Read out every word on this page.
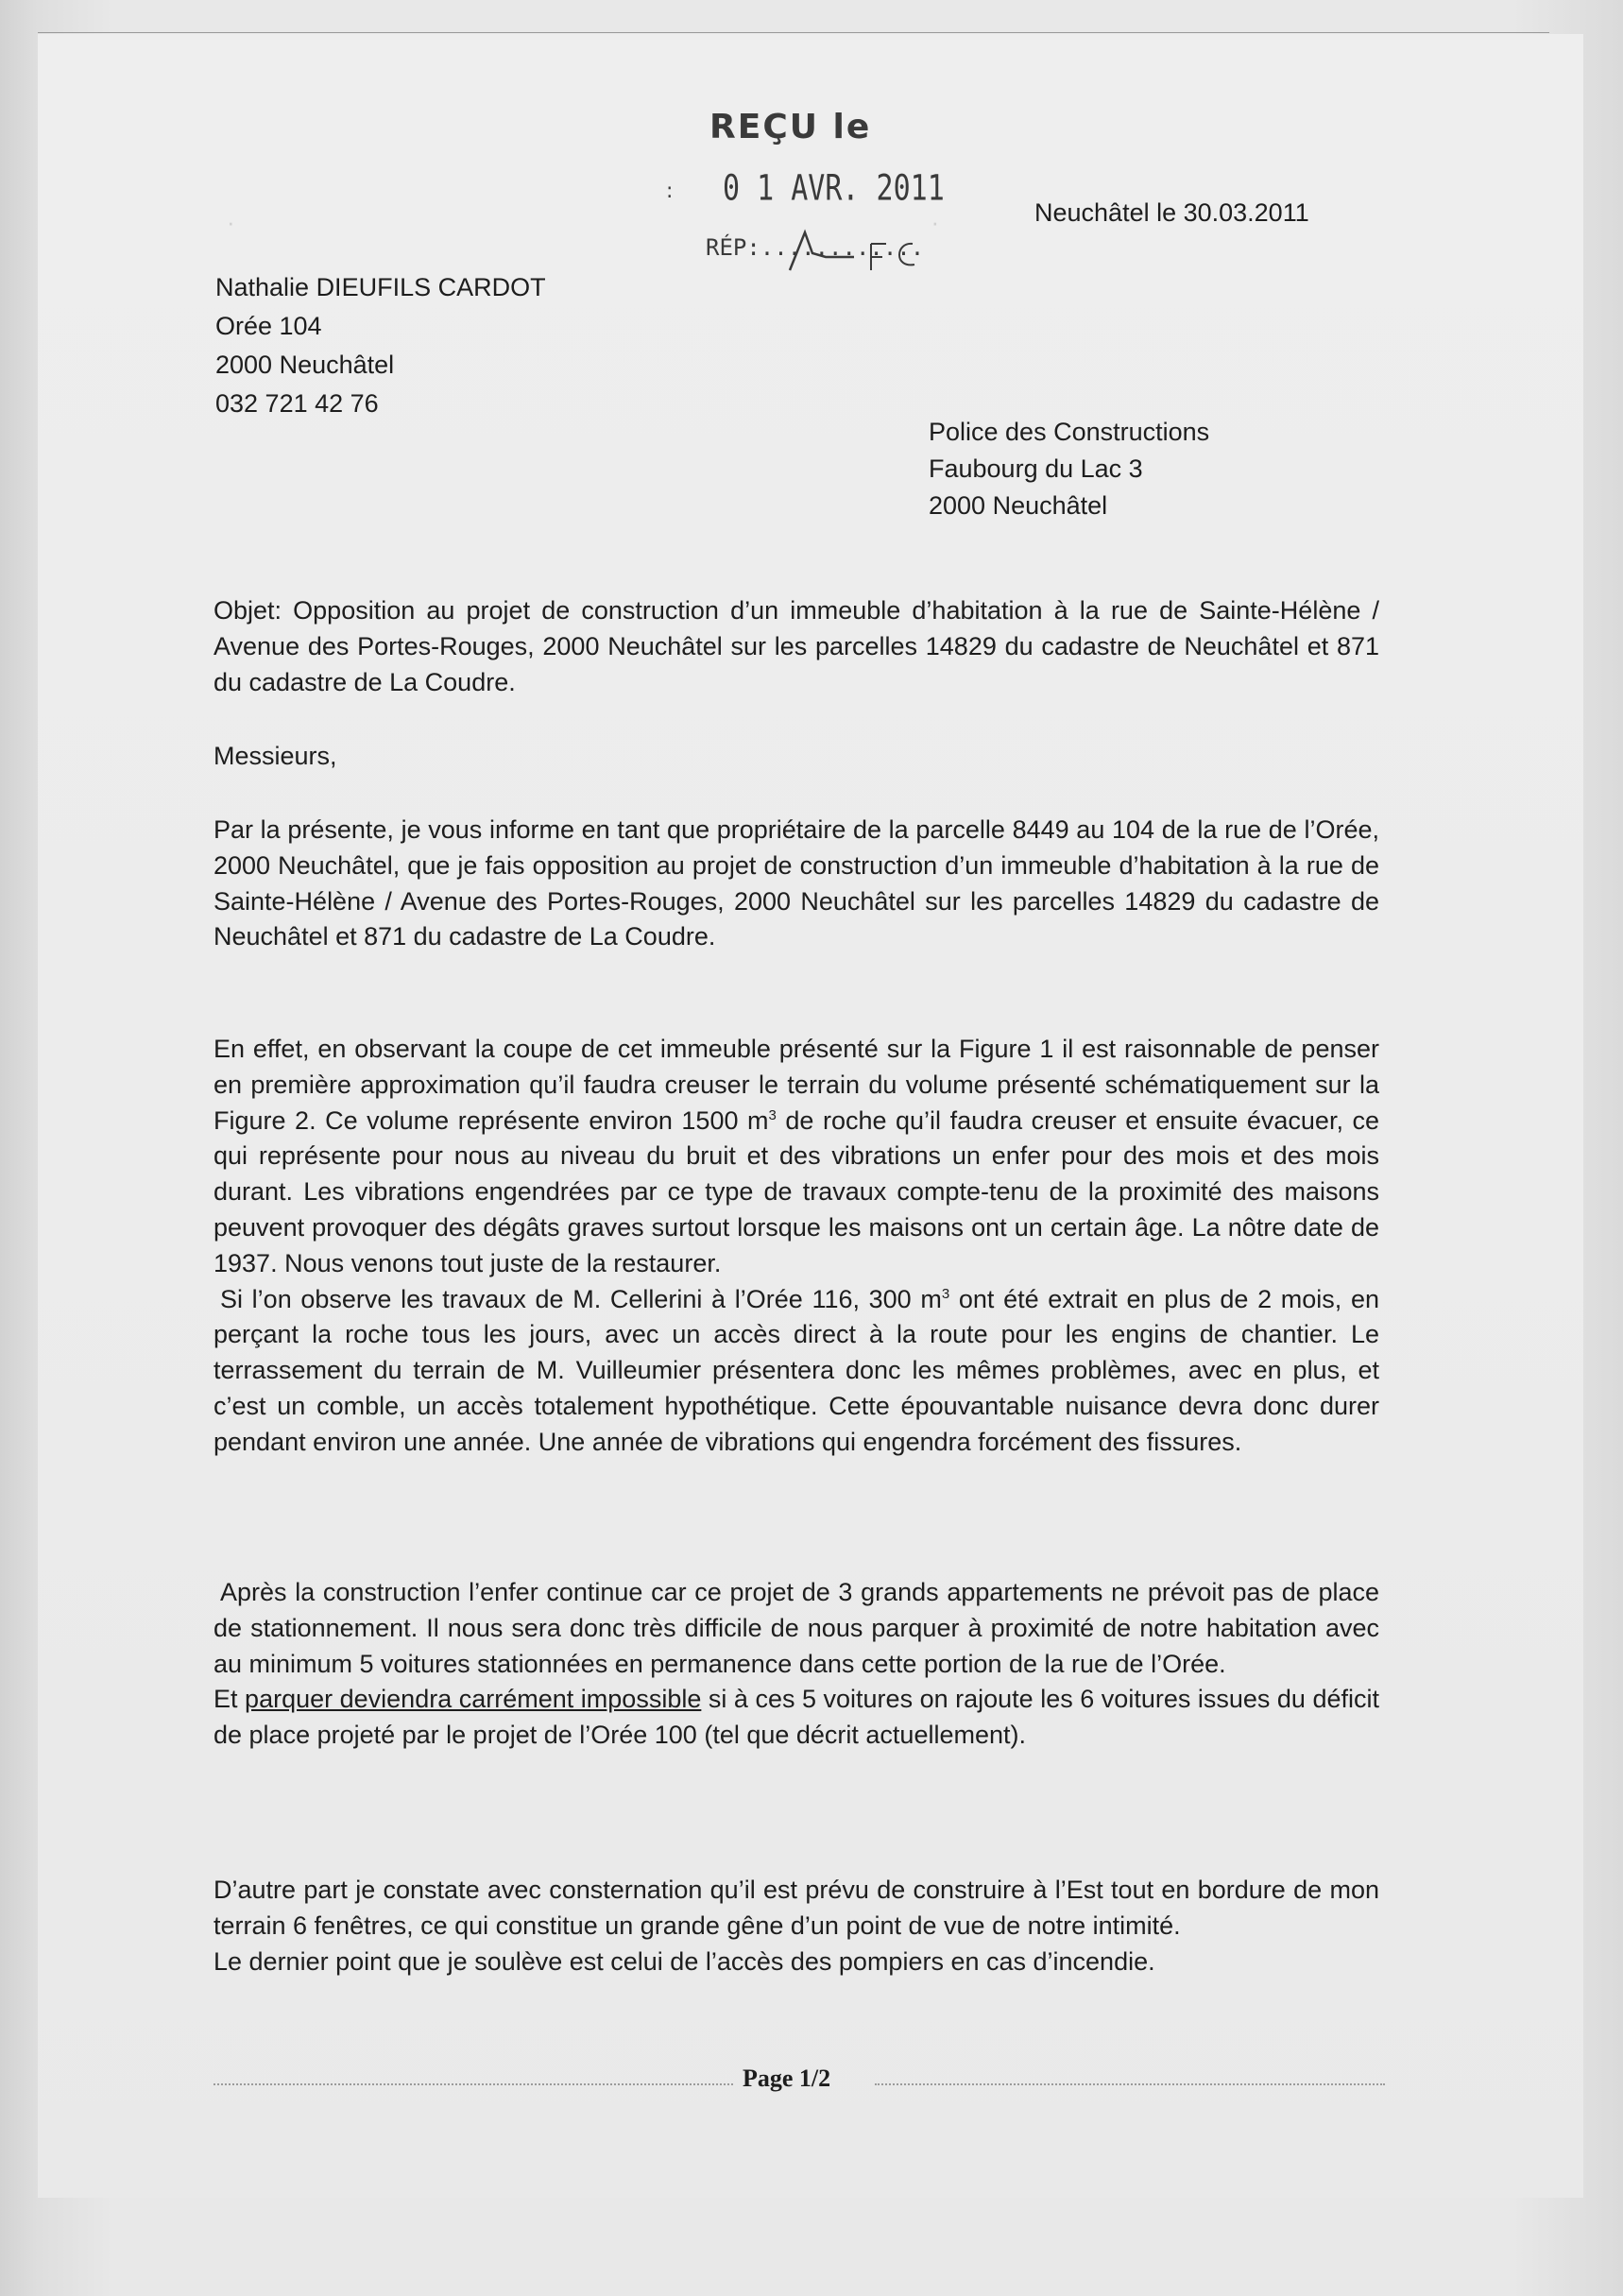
·                                                                                                      ·
REÇU le
: 0 1 AVR. 2011
RÉP:............
Neuchâtel le 30.03.2011
Nathalie DIEUFILS CARDOT
Orée 104
2000 Neuchâtel
032 721 42 76
Police des Constructions
Faubourg du Lac 3
2000 Neuchâtel

Objet: Opposition au projet de construction d’un immeuble d’habitation à la rue de Sainte-Hélène / Avenue des Portes-Rouges, 2000 Neuchâtel sur les parcelles 14829 du cadastre de Neuchâtel et 871 du cadastre de La Coudre.

Messieurs,

Par la présente, je vous informe en tant que propriétaire de la parcelle 8449 au 104 de la rue de l’Orée, 2000 Neuchâtel, que je fais opposition au projet de construction d’un immeuble d’habitation à la rue de Sainte-Hélène / Avenue des Portes-Rouges, 2000 Neuchâtel sur les parcelles 14829 du cadastre de Neuchâtel et 871 du cadastre de La Coudre.

En effet, en observant la coupe de cet immeuble présenté sur la Figure 1 il est raisonnable de penser en première approximation qu’il faudra creuser le terrain du volume présenté schématiquement sur la Figure 2. Ce volume représente environ 1500 $m^3$ de roche qu’il faudra creuser et ensuite évacuer, ce qui représente pour nous au niveau du bruit et des vibrations un enfer pour des mois et des mois durant. Les vibrations engendrées par ce type de travaux compte-tenu de la proximité des maisons peuvent provoquer des dégâts graves surtout lorsque les maisons ont un certain âge. La nôtre date de 1937. Nous venons tout juste de la restaurer.

Si l’on observe les travaux de M. Cellerini à l’Orée 116, 300 $m^3$ ont été extrait en plus de 2 mois, en perçant la roche tous les jours, avec un accès direct à la route pour les engins de chantier. Le terrassement du terrain de M. Vuilleumier présentera donc les mêmes problèmes, avec en plus, et c’est un comble, un accès totalement hypothétique. Cette épouvantable nuisance devra donc durer pendant environ une année. Une année de vibrations qui engendra forcément des fissures.

Après la construction l’enfer continue car ce projet de 3 grands appartements ne prévoit pas de place de stationnement. Il nous sera donc très difficile de nous parquer à proximité de notre habitation avec au minimum 5 voitures stationnées en permanence dans cette portion de la rue de l’Orée.

Et parquer deviendra carrément impossible si à ces 5 voitures on rajoute les 6 voitures issues du déficit de place projeté par le projet de l’Orée 100 (tel que décrit actuellement).

D’autre part je constate avec consternation qu’il est prévu de construire à l’Est tout en bordure de mon terrain 6 fenêtres, ce qui constitue un grande gêne d’un point de vue de notre intimité.

Le dernier point que je soulève est celui de l’accès des pompiers en cas d’incendie.

Page 1/2
